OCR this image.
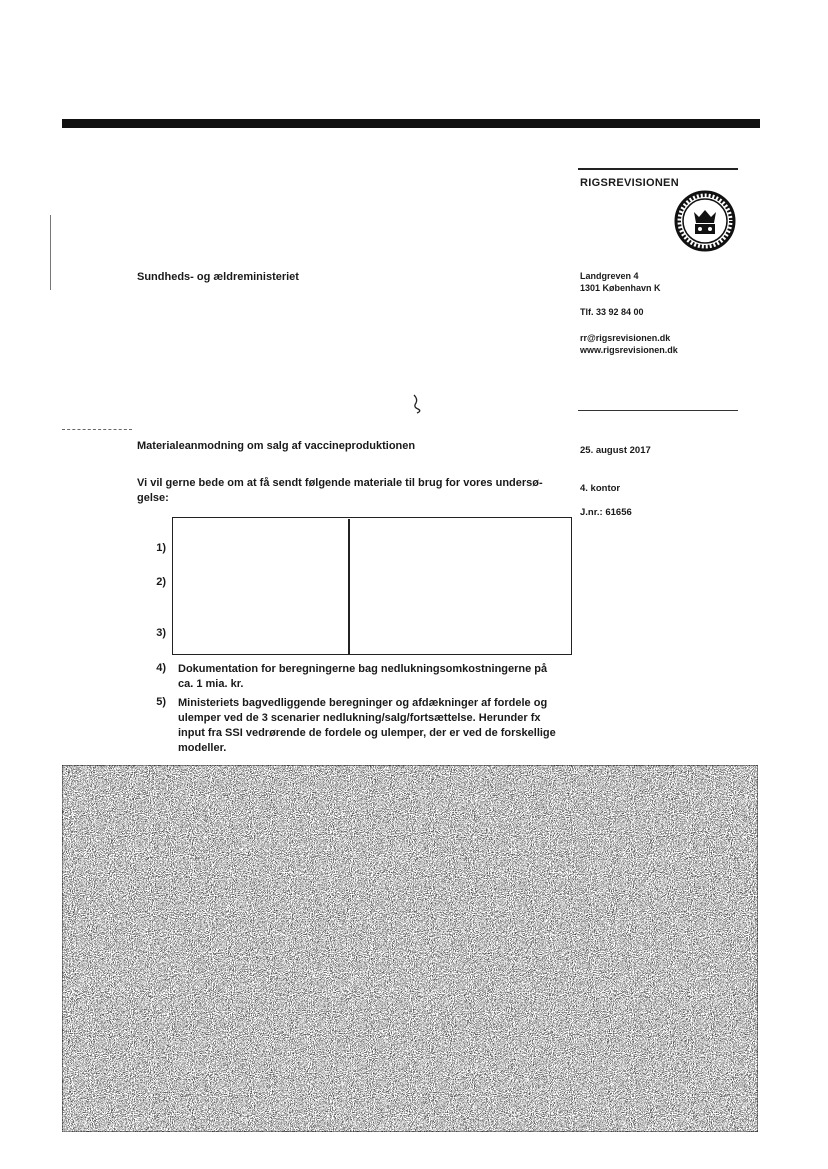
RIGSREVISIONEN
Sundheds- og ældreministeriet	Landgreven 4
1301 København K
Tlf. 33 92 84 00
rr@rigsrevisionen.dk
www.rigsrevisionen.dk
Materialeanmodning om salg af vaccineproduktionen	25. august 2017
4. kontor
J.nr.: 61656
Vi vil gerne bede om at få sendt følgende materiale til brug for vores undersø-gelse:
1)
2)
3)
4) Dokumentation for beregningerne bag nedlukningsomkostningerne på ca. 1 mia. kr.
5) Ministeriets bagvedliggende beregninger og afdækninger af fordele og ulemper ved de 3 scenarier nedlukning/salg/fortsættelse. Herunder fx input fra SSI vedrørende de fordele og ulemper, der er ved de forskellige modeller.
